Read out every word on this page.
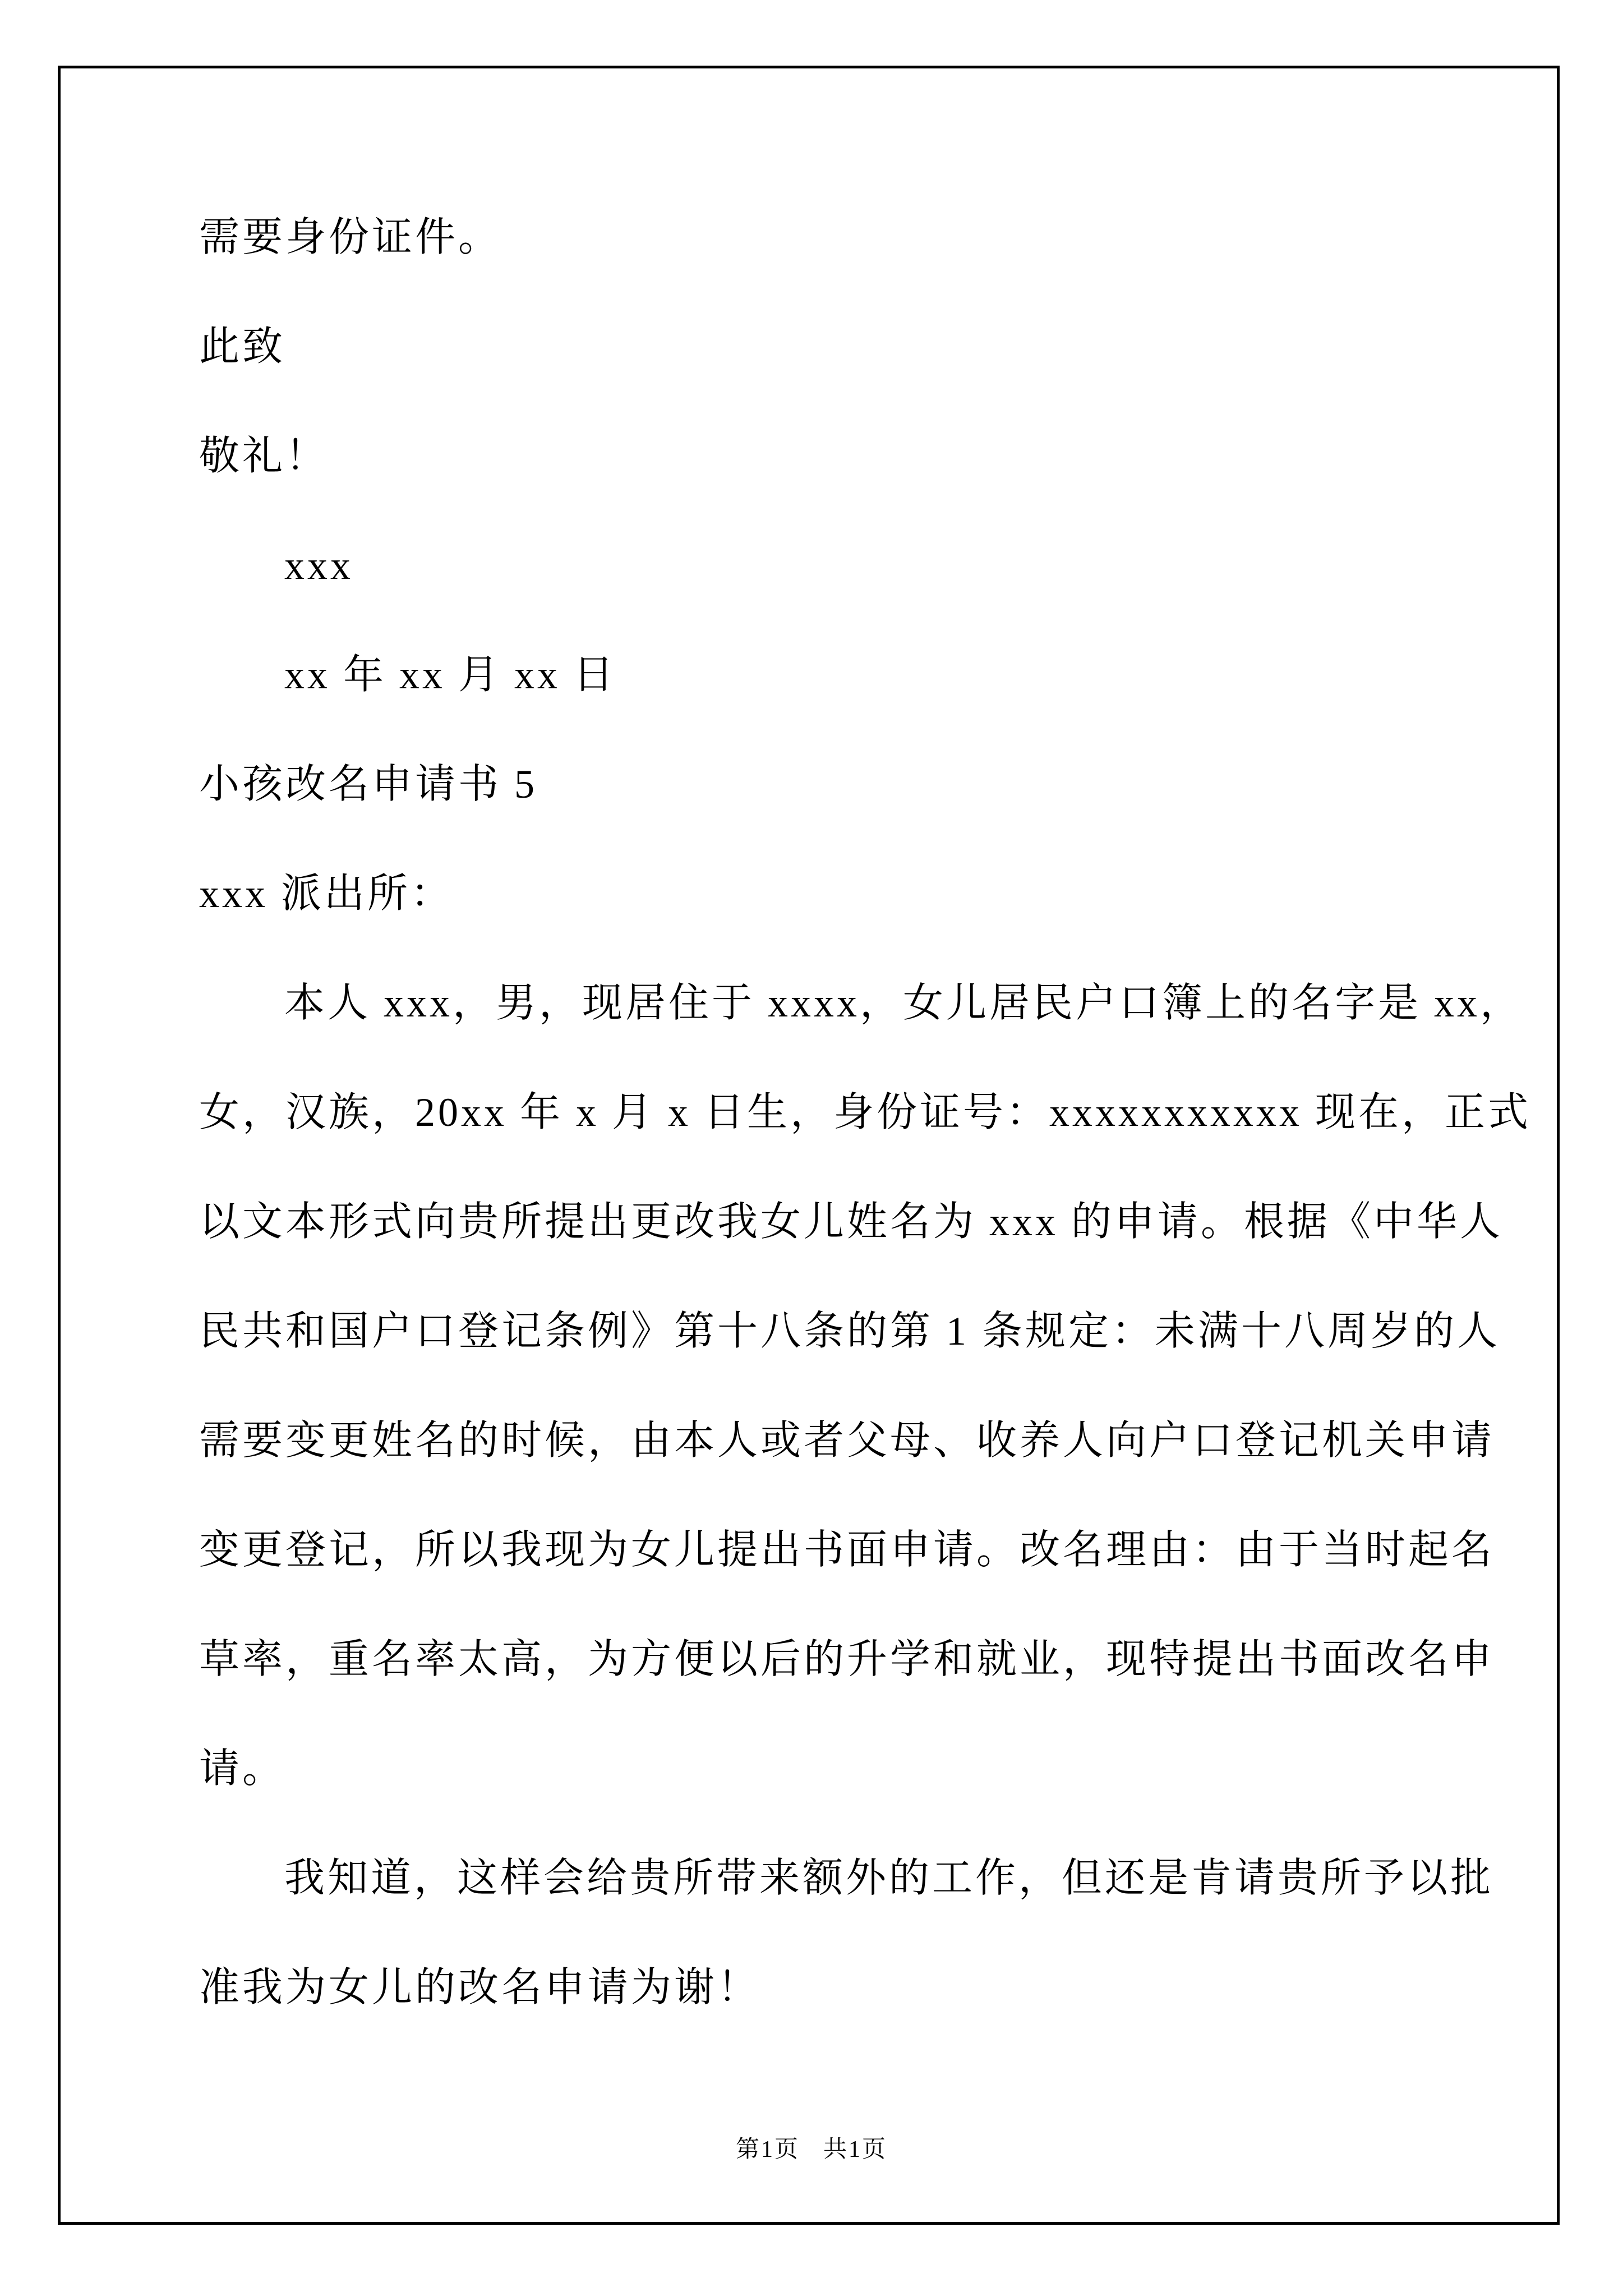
需要身份证件。
此致
敬礼！
xxx
xx 年 xx 月 xx 日
小孩改名申请书 5
xxx 派出所：
本人 xxx，男，现居住于 xxxx，女儿居民户口簿上的名字是 xx，
女，汉族，20xx 年 x 月 x 日生，身份证号：xxxxxxxxxxx 现在，正式
以文本形式向贵所提出更改我女儿姓名为 xxx 的申请。根据《中华人
民共和国户口登记条例》第十八条的第 1 条规定：未满十八周岁的人
需要变更姓名的时候，由本人或者父母、收养人向户口登记机关申请
变更登记，所以我现为女儿提出书面申请。改名理由：由于当时起名
草率，重名率太高，为方便以后的升学和就业，现特提出书面改名申
请。
我知道，这样会给贵所带来额外的工作，但还是肯请贵所予以批
准我为女儿的改名申请为谢！
第1页 共1页
